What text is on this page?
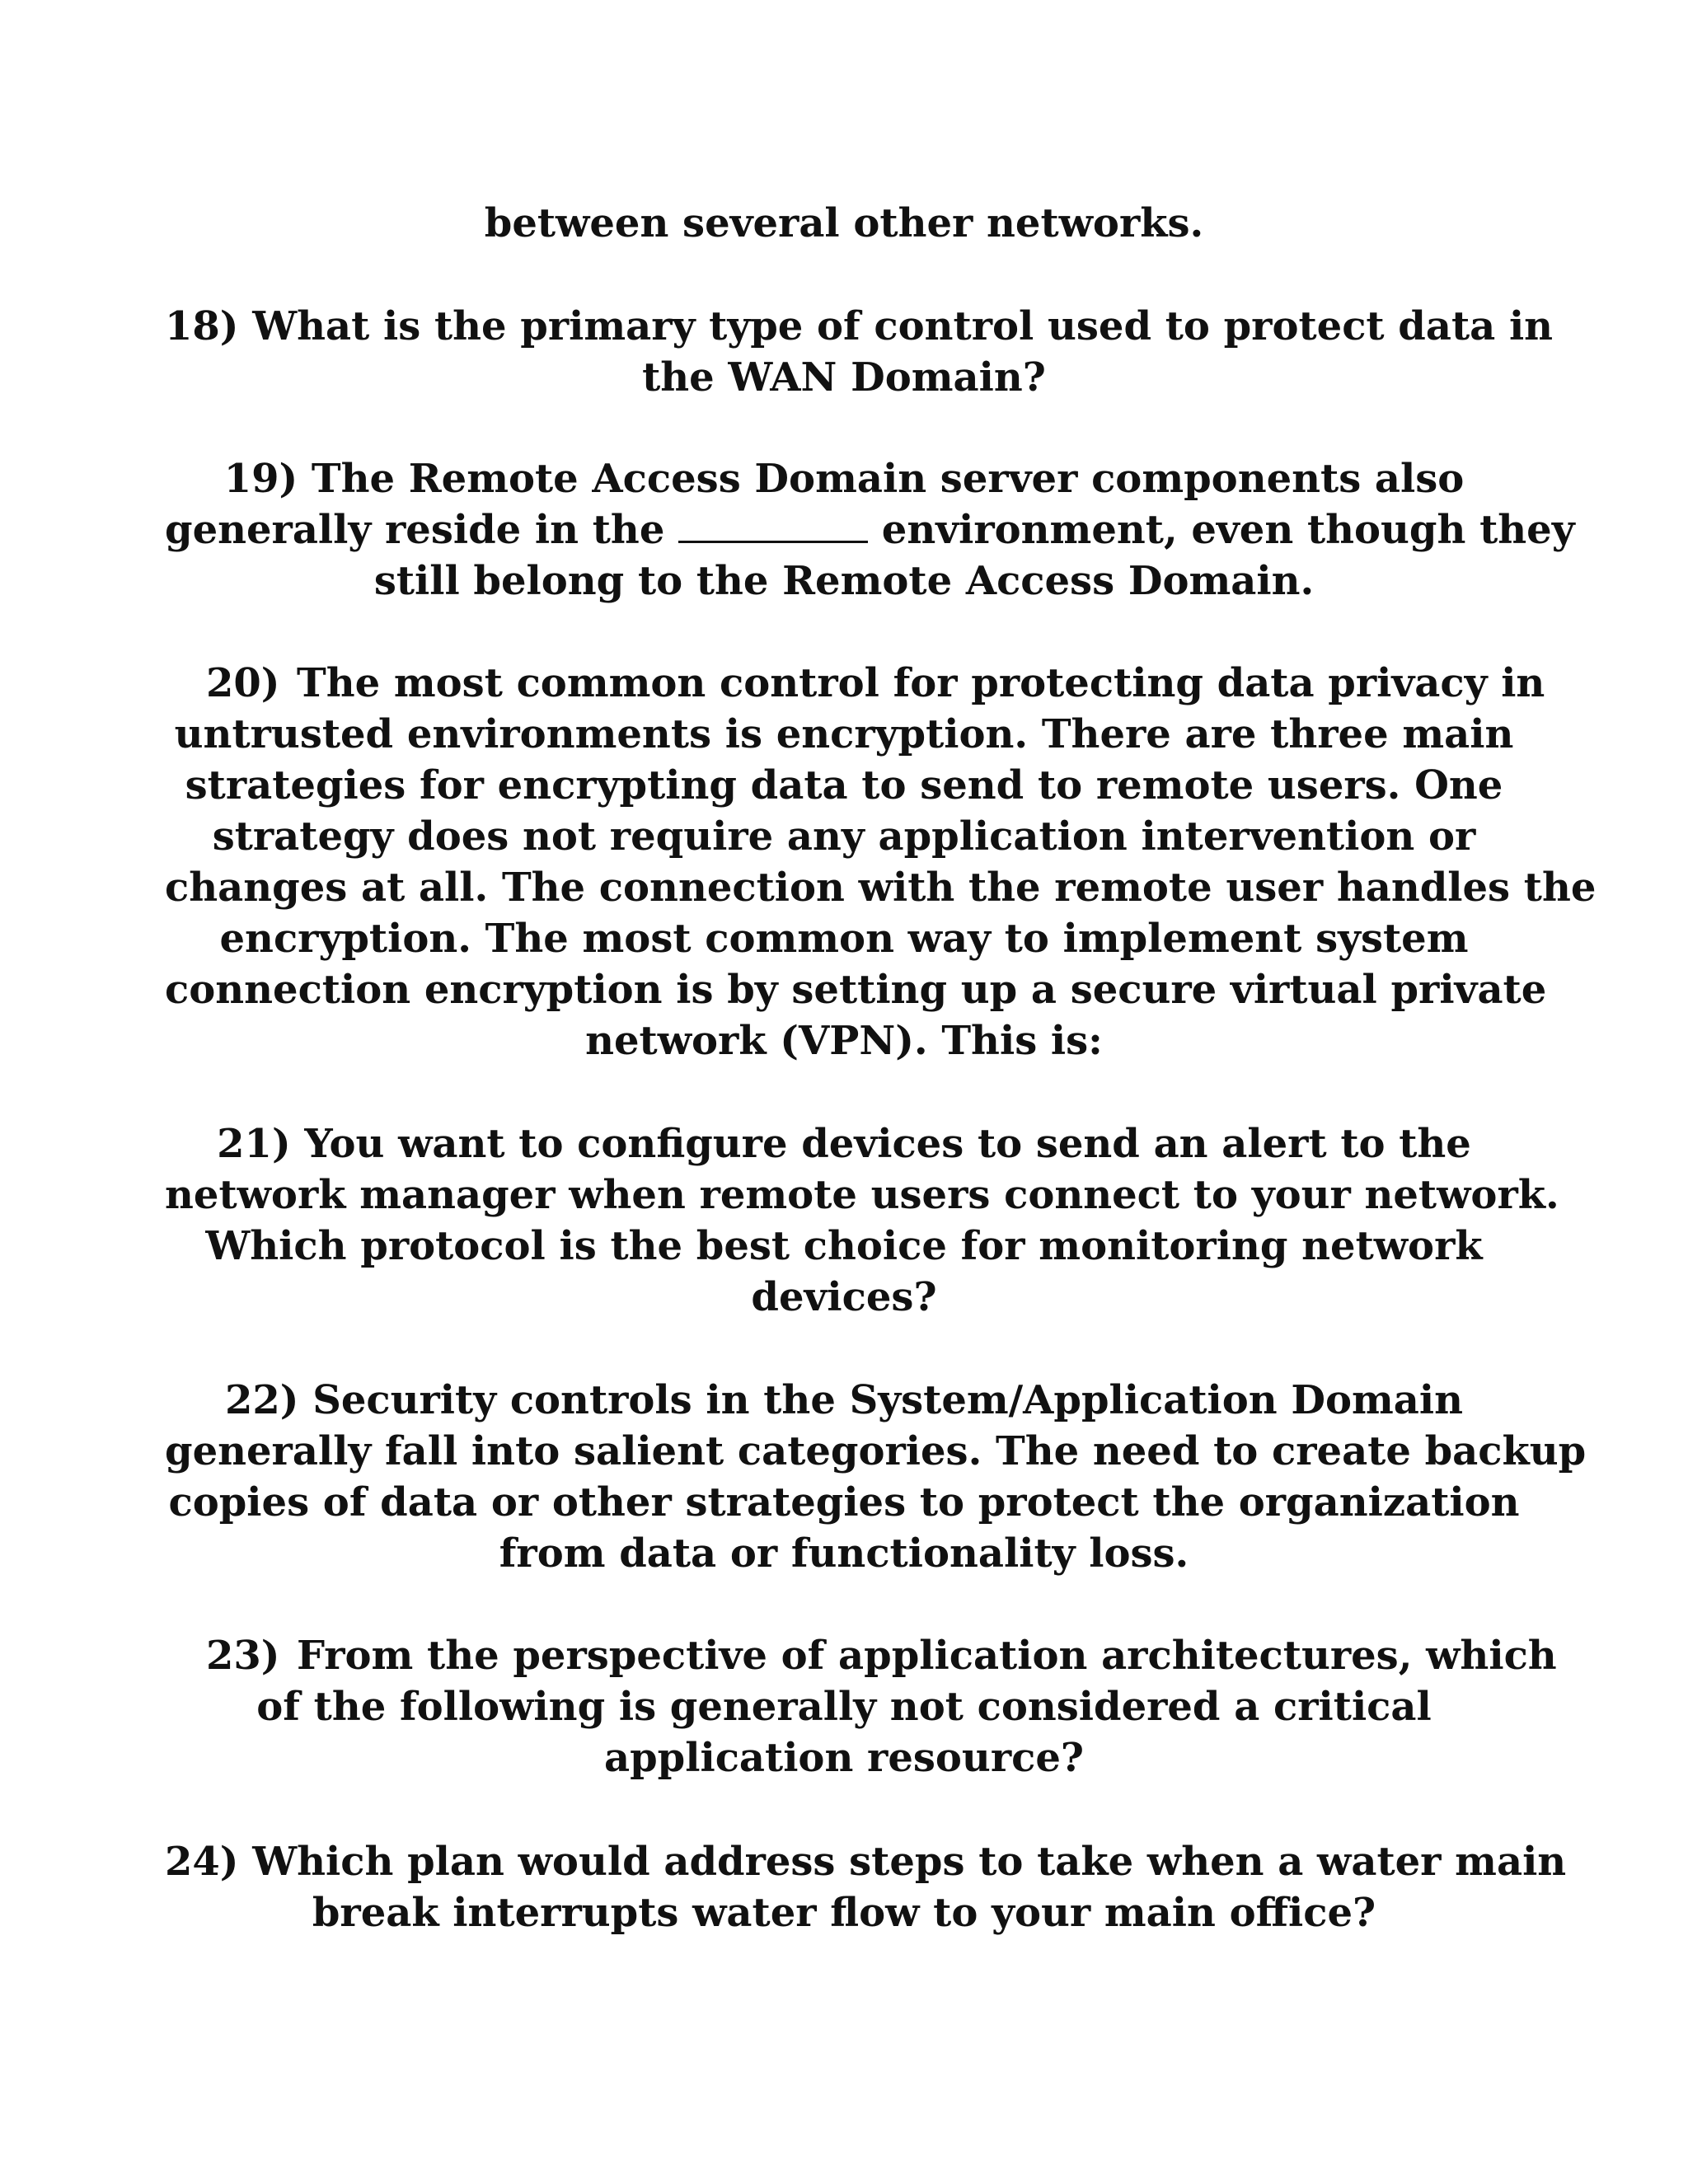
between several other networks.
18) What is the primary type of control used to protect data in
the WAN Domain?
19) The Remote Access Domain server components also
generally reside in the	environment, even though they
still belong to the Remote Access Domain.
20) The most common control for protecting data privacy in
untrusted environments is encryption. There are three main
strategies for encrypting data to send to remote users. One
strategy does not require any application intervention or
changes at all. The connection with the remote user handles the
encryption. The most common way to implement system
connection encryption is by setting up a secure virtual private
network (VPN). This is:
21) You want to configure devices to send an alert to the
network manager when remote users connect to your network.
Which protocol is the best choice for monitoring network
devices?
22) Security controls in the System/Application Domain
generally fall into salient categories. The need to create backup
copies of data or other strategies to protect the organization
from data or functionality loss.
23) From the perspective of application architectures, which
of the following is generally not considered a critical
application resource?
24) Which plan would address steps to take when a water main
break interrupts water flow to your main office?
